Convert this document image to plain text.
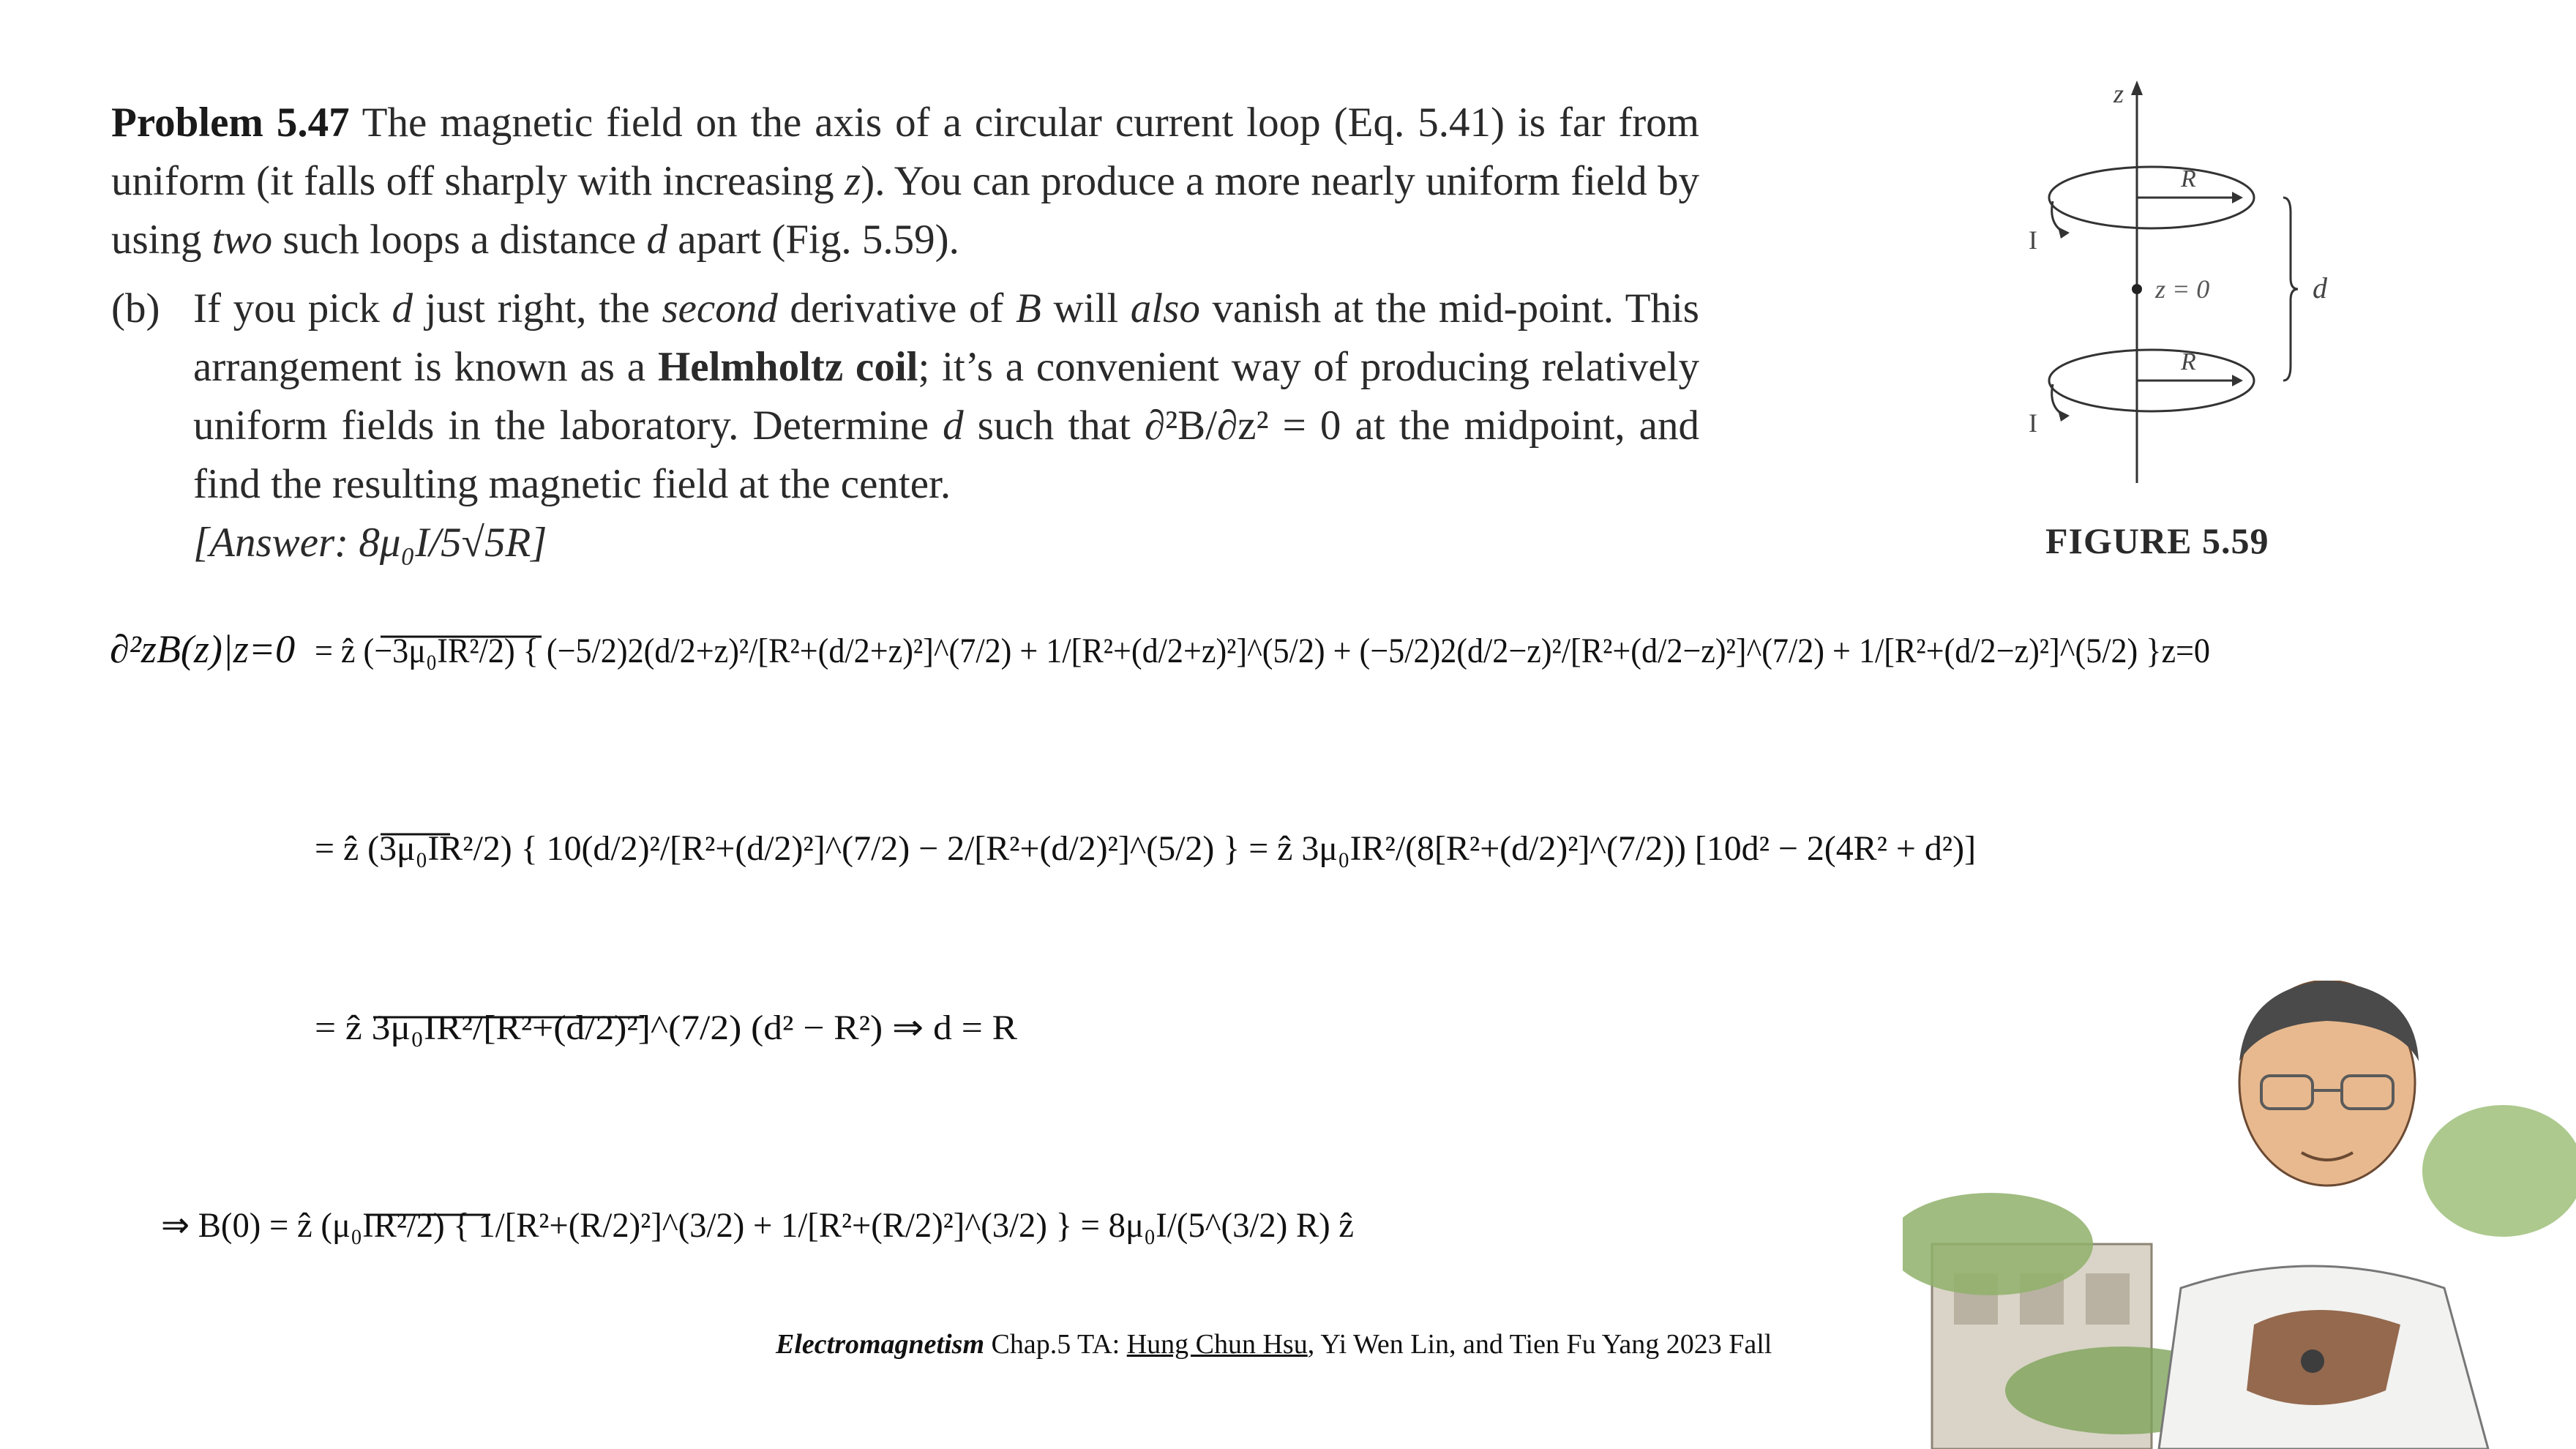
Problem 5.47 The magnetic field on the axis of a circular current loop (Eq. 5.41) is far from uniform (it falls off sharply with increasing z). You can produce a more nearly uniform field by using two such loops a distance d apart (Fig. 5.59).
(b) If you pick d just right, the second derivative of B will also vanish at the mid-point. This arrangement is known as a Helmholtz coil; it’s a convenient way of producing relatively uniform fields in the laboratory. Determine d such that ∂²B/∂z² = 0 at the midpoint, and find the resulting magnetic field at the center.
[Answer: 8μ₀I/5√5R]
z
R
R
I
I
z = 0	d
FIGURE 5.59
∂²zB(z)|z=0 = ẑ (−3μ₀IR²/2) { (−5/2)2(d/2+z)²/[R²+(d/2+z)²]^(7/2) + 1/[R²+(d/2+z)²]^(5/2) + (−5/2)2(d/2−z)²/[R²+(d/2−z)²]^(7/2) + 1/[R²+(d/2−z)²]^(5/2) }z=0
= ẑ (3μ₀IR²/2) { 10(d/2)²/[R²+(d/2)²]^(7/2) − 2/[R²+(d/2)²]^(5/2) } = ẑ 3μ₀IR²/(8[R²+(d/2)²]^(7/2)) [10d² − 2(4R² + d²)]
= ẑ 3μ₀IR²/[R²+(d/2)²]^(7/2) (d² − R²) ⇒ d = R
⇒ B(0) = ẑ (μ₀IR²/2) { 1/[R²+(R/2)²]^(3/2) + 1/[R²+(R/2)²]^(3/2) } = 8μ₀I/(5^(3/2) R) ẑ
Electromagnetism Chap.5 TA: Hung Chun Hsu, Yi Wen Lin, and Tien Fu Yang 2023 Fall
